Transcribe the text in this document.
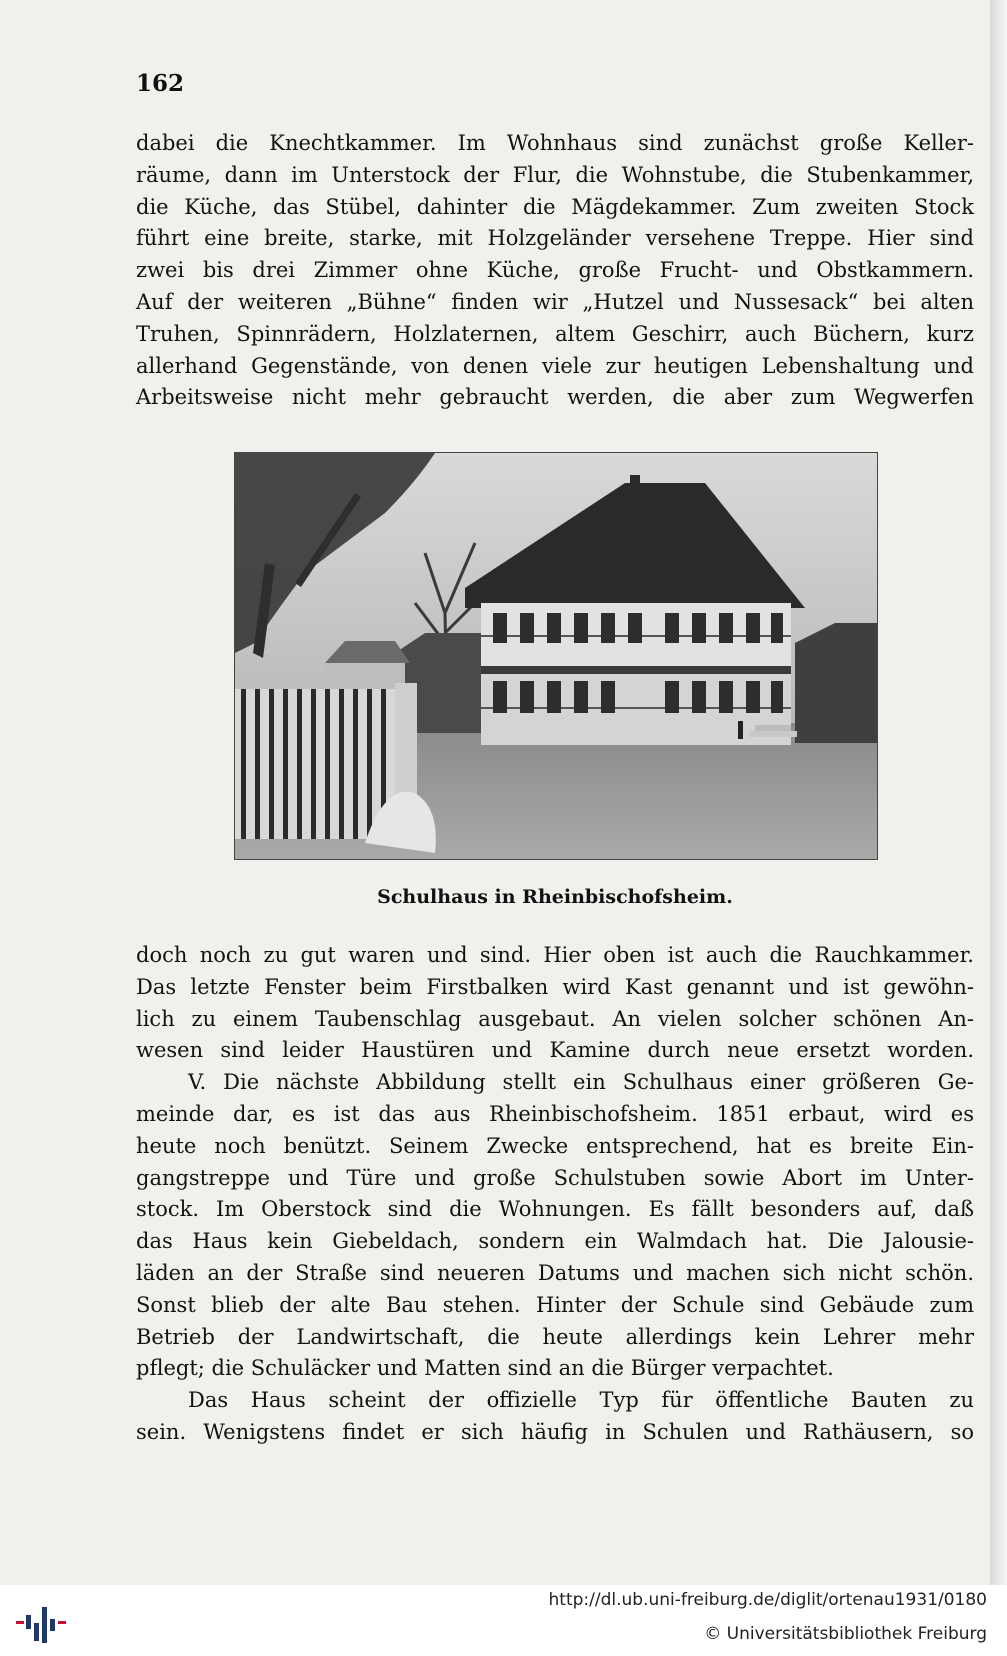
162
dabei die Knechtkammer. Im Wohnhaus sind zunächst große Keller-
räume, dann im Unterstock der Flur, die Wohnstube, die Stubenkammer,
die Küche, das Stübel, dahinter die Mägdekammer. Zum zweiten Stock
führt eine breite, starke, mit Holzgeländer versehene Treppe. Hier sind
zwei bis drei Zimmer ohne Küche, große Frucht- und Obstkammern.
Auf der weiteren „Bühne“ finden wir „Hutzel und Nussesack“ bei alten
Truhen, Spinnrädern, Holzlaternen, altem Geschirr, auch Büchern, kurz
allerhand Gegenstände, von denen viele zur heutigen Lebenshaltung und
Arbeitsweise nicht mehr gebraucht werden, die aber zum Wegwerfen
Schulhaus in Rheinbischofsheim.
doch noch zu gut waren und sind. Hier oben ist auch die Rauchkammer.
Das letzte Fenster beim Firstbalken wird Kast genannt und ist gewöhn-
lich zu einem Taubenschlag ausgebaut. An vielen solcher schönen An-
wesen sind leider Haustüren und Kamine durch neue ersetzt worden.
V. Die nächste Abbildung stellt ein Schulhaus einer größeren Ge-
meinde dar, es ist das aus Rheinbischofsheim. 1851 erbaut, wird es
heute noch benützt. Seinem Zwecke entsprechend, hat es breite Ein-
gangstreppe und Türe und große Schulstuben sowie Abort im Unter-
stock. Im Oberstock sind die Wohnungen. Es fällt besonders auf, daß
das Haus kein Giebeldach, sondern ein Walmdach hat. Die Jalousie-
läden an der Straße sind neueren Datums und machen sich nicht schön.
Sonst blieb der alte Bau stehen. Hinter der Schule sind Gebäude zum
Betrieb der Landwirtschaft, die heute allerdings kein Lehrer mehr
pflegt; die Schuläcker und Matten sind an die Bürger verpachtet.
Das Haus scheint der offizielle Typ für öffentliche Bauten zu
sein. Wenigstens findet er sich häufig in Schulen und Rathäusern, so
http://dl.ub.uni-freiburg.de/diglit/ortenau1931/0180
© Universitätsbibliothek Freiburg
